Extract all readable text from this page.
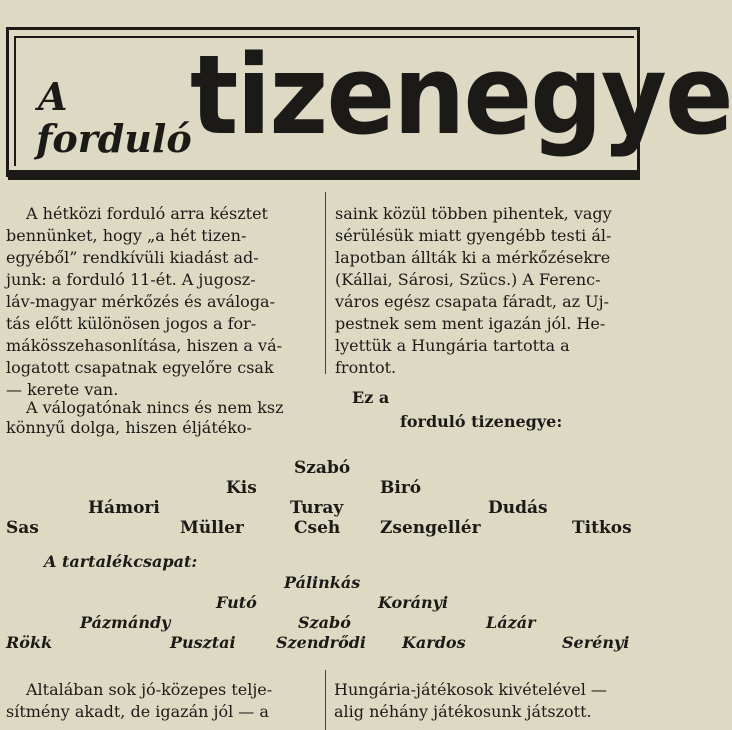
A
forduló
tizenegye
A hétközi forduló arra késztet
bennünket, hogy „a hét tizen-
egyéből” rendkívüli kiadást ad-
junk: a forduló 11-ét. A jugosz-
láv-magyar mérkőzés és aválogа-
tás előtt különösen jogos a for-
mákösszehasonlítása, hiszen a vá-
logatott csapatnak egyelőre csak
— kerete van.
A válogatónak nincs és nem ksz
könnyű dolga, hiszen éljátéko-
saink közül többen pihentek, vagy
sérülésük miatt gyengébb testi ál-
lapotban állták ki a mérkőzésekre
(Kállai, Sárosi, Szücs.) A Ferenc-
város egész csapata fáradt, az Uj-
pestnek sem ment igazán jól. He-
lyettük a Hungária tartotta a
frontot.
Ez a
forduló tizenegye:
Szabó
Kis	Biró
Hámori	Turay	Dudás
Sas	Müller	Cseh Zsengellér	Titkos
A tartalékcsapat:
Pálinkás
Futó	Korányi
Pázmándy	Szabó	Lázár
Rökk	Pusztai	Szendrődi Kardos	Serényi
Altalában sok jó-közepes telje-
sítmény akadt, de igazán jól — a
Hungária-játékosok kivételével —
alig néhány játékosunk játszott.
